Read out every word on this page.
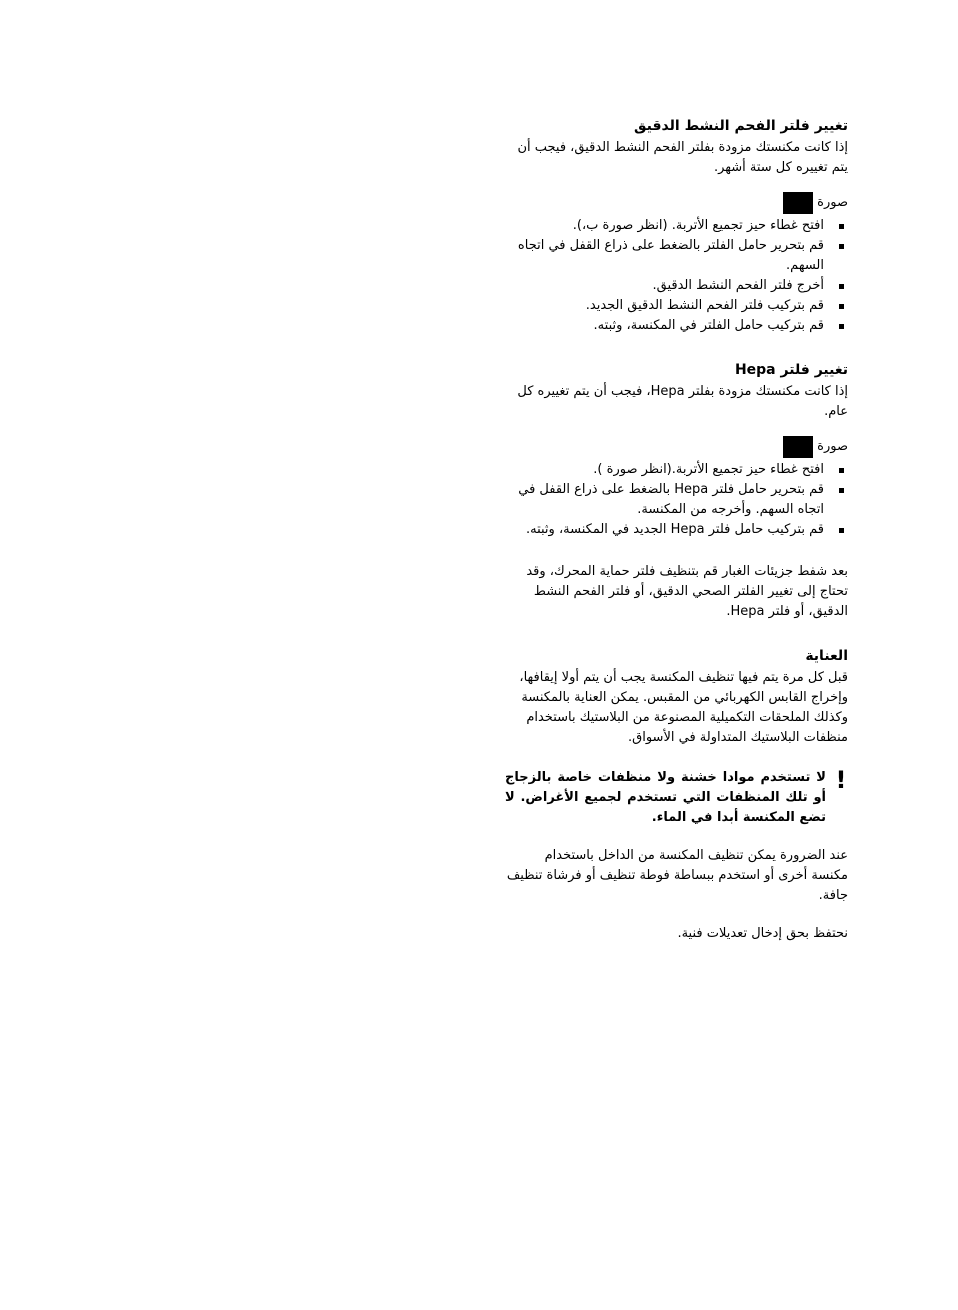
تغيير فلتر الفحم النشط الدقيق

إذا كانت مكنستك مزودة بفلتر الفحم النشط الدقيق، فيجب أن يتم تغييره كل ستة أشهر.

صورة
افتح غطاء حيز تجميع الأتربة. (انظر صورة ب،).
قم بتحرير حامل الفلتر بالضغط على ذراع القفل في اتجاه السهم.
أخرج فلتر الفحم النشط الدقيق.
قم بتركيب فلتر الفحم النشط الدقيق الجديد.
قم بتركيب حامل الفلتر في المكنسة، وثبته.
تغيير فلتر Hepa

إذا كانت مكنستك مزودة بفلتر Hepa، فيجب أن يتم تغييره كل عام.

صورة
افتح غطاء حيز تجميع الأتربة.(انظر صورة ).
قم بتحرير حامل فلتر Hepa بالضغط على ذراع القفل في اتجاه السهم. وأخرجه من المكنسة.
قم بتركيب حامل فلتر Hepa الجديد في المكنسة، وثبته.

بعد شفط جزيئات الغبار قم بتنظيف فلتر حماية المحرك، وقد تحتاج إلى تغيير الفلتر الصحي الدقيق، أو فلتر الفحم النشط الدقيق، أو فلتر Hepa.

العناية

قبل كل مرة يتم فيها تنظيف المكنسة يجب أن يتم أولا إيقافها، وإخراج القابس الكهربائي من المقبس. يمكن العناية بالمكنسة وكذلك الملحقات التكميلية المصنوعة من البلاستيك باستخدام منظفات البلاستيك المتداولة في الأسواق.

!

لا تستخدم موادا خشنة ولا منظفات خاصة بالزجاج أو تلك المنظفات التي تستخدم لجميع الأغراض. لا تضع المكنسة أبدا في الماء.

عند الضرورة يمكن تنظيف المكنسة من الداخل باستخدام مكنسة أخرى أو استخدم ببساطة فوطة تنظيف أو فرشاة تنظيف جافة.

نحتفظ بحق إدخال تعديلات فنية.
